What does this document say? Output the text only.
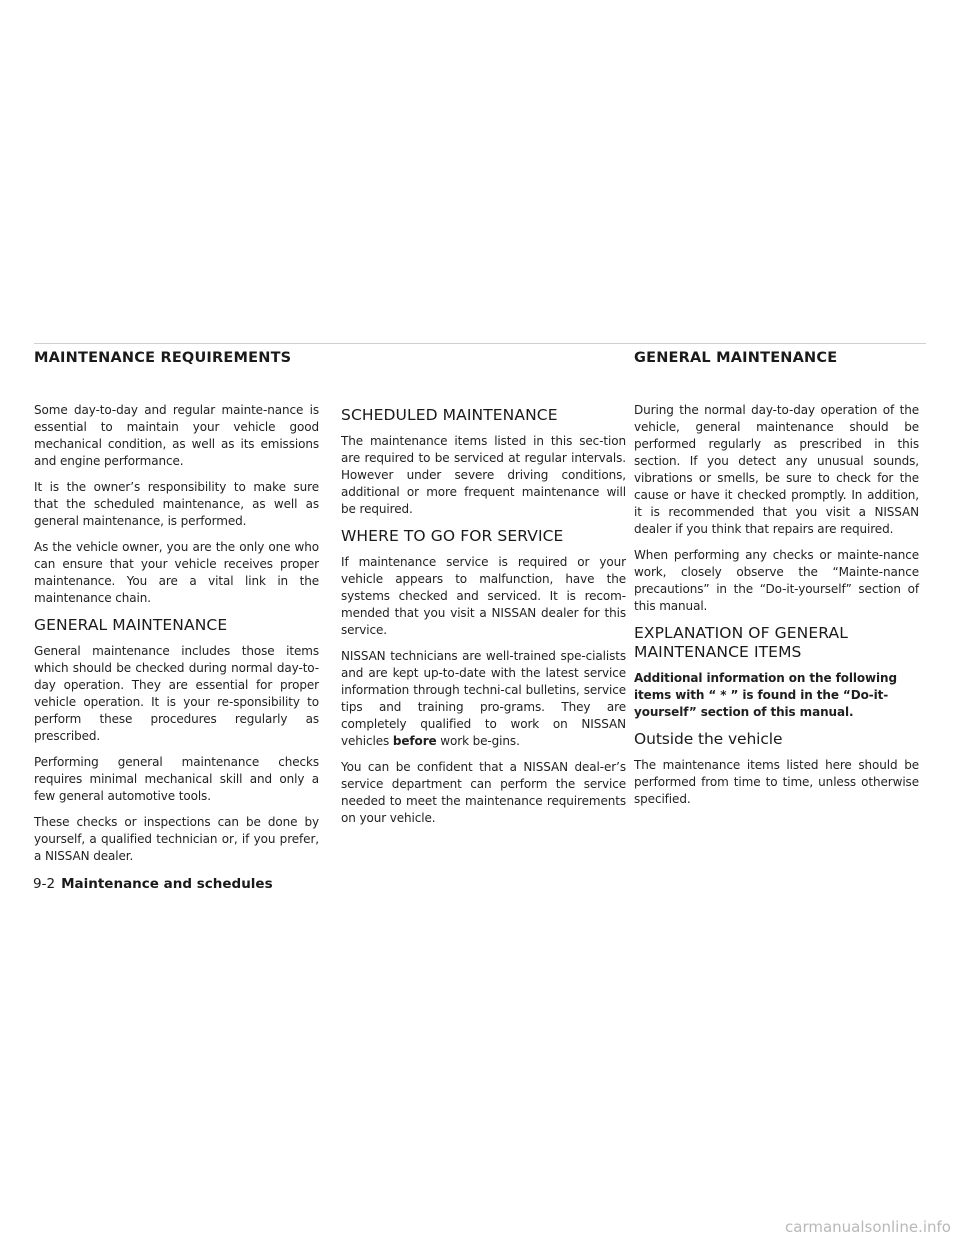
MAINTENANCE REQUIREMENTS	GENERAL MAINTENANCE

Some day-to-day and regular mainte-nance is essential to maintain your vehicle good mechanical condition, as well as its emissions and engine performance.

It is the owner’s responsibility to make sure that the scheduled maintenance, as well as general maintenance, is performed.

As the vehicle owner, you are the only one who can ensure that your vehicle receives proper maintenance. You are a vital link in the maintenance chain.

GENERAL MAINTENANCE

General maintenance includes those items which should be checked during normal day-to-day operation. They are essential for proper vehicle operation. It is your re-sponsibility to perform these procedures regularly as prescribed.

Performing general maintenance checks requires minimal mechanical skill and only a few general automotive tools.

These checks or inspections can be done by yourself, a qualified technician or, if you prefer, a NISSAN dealer.

SCHEDULED MAINTENANCE

The maintenance items listed in this sec-tion are required to be serviced at regular intervals. However under severe driving conditions, additional or more frequent maintenance will be required.

WHERE TO GO FOR SERVICE

If maintenance service is required or your vehicle appears to malfunction, have the systems checked and serviced. It is recom-mended that you visit a NISSAN dealer for this service.

NISSAN technicians are well-trained spe-cialists and are kept up-to-date with the latest service information through techni-cal bulletins, service tips and training pro-grams. They are completely qualified to work on NISSAN vehicles before work be-gins.

You can be confident that a NISSAN deal-er’s service department can perform the service needed to meet the maintenance requirements on your vehicle.

During the normal day-to-day operation of the vehicle, general maintenance should be performed regularly as prescribed in this section. If you detect any unusual sounds, vibrations or smells, be sure to check for the cause or have it checked promptly. In addition, it is recommended that you visit a NISSAN dealer if you think that repairs are required.

When performing any checks or mainte-nance work, closely observe the “Mainte-nance precautions” in the “Do-it-yourself” section of this manual.

EXPLANATION OF GENERAL
MAINTENANCE ITEMS

Additional information on the following items with “ * ” is found in the “Do-it-yourself” section of this manual.

Outside the vehicle

The maintenance items listed here should be performed from time to time, unless otherwise specified.

9-2 Maintenance and schedules
carmanualsonline.info
